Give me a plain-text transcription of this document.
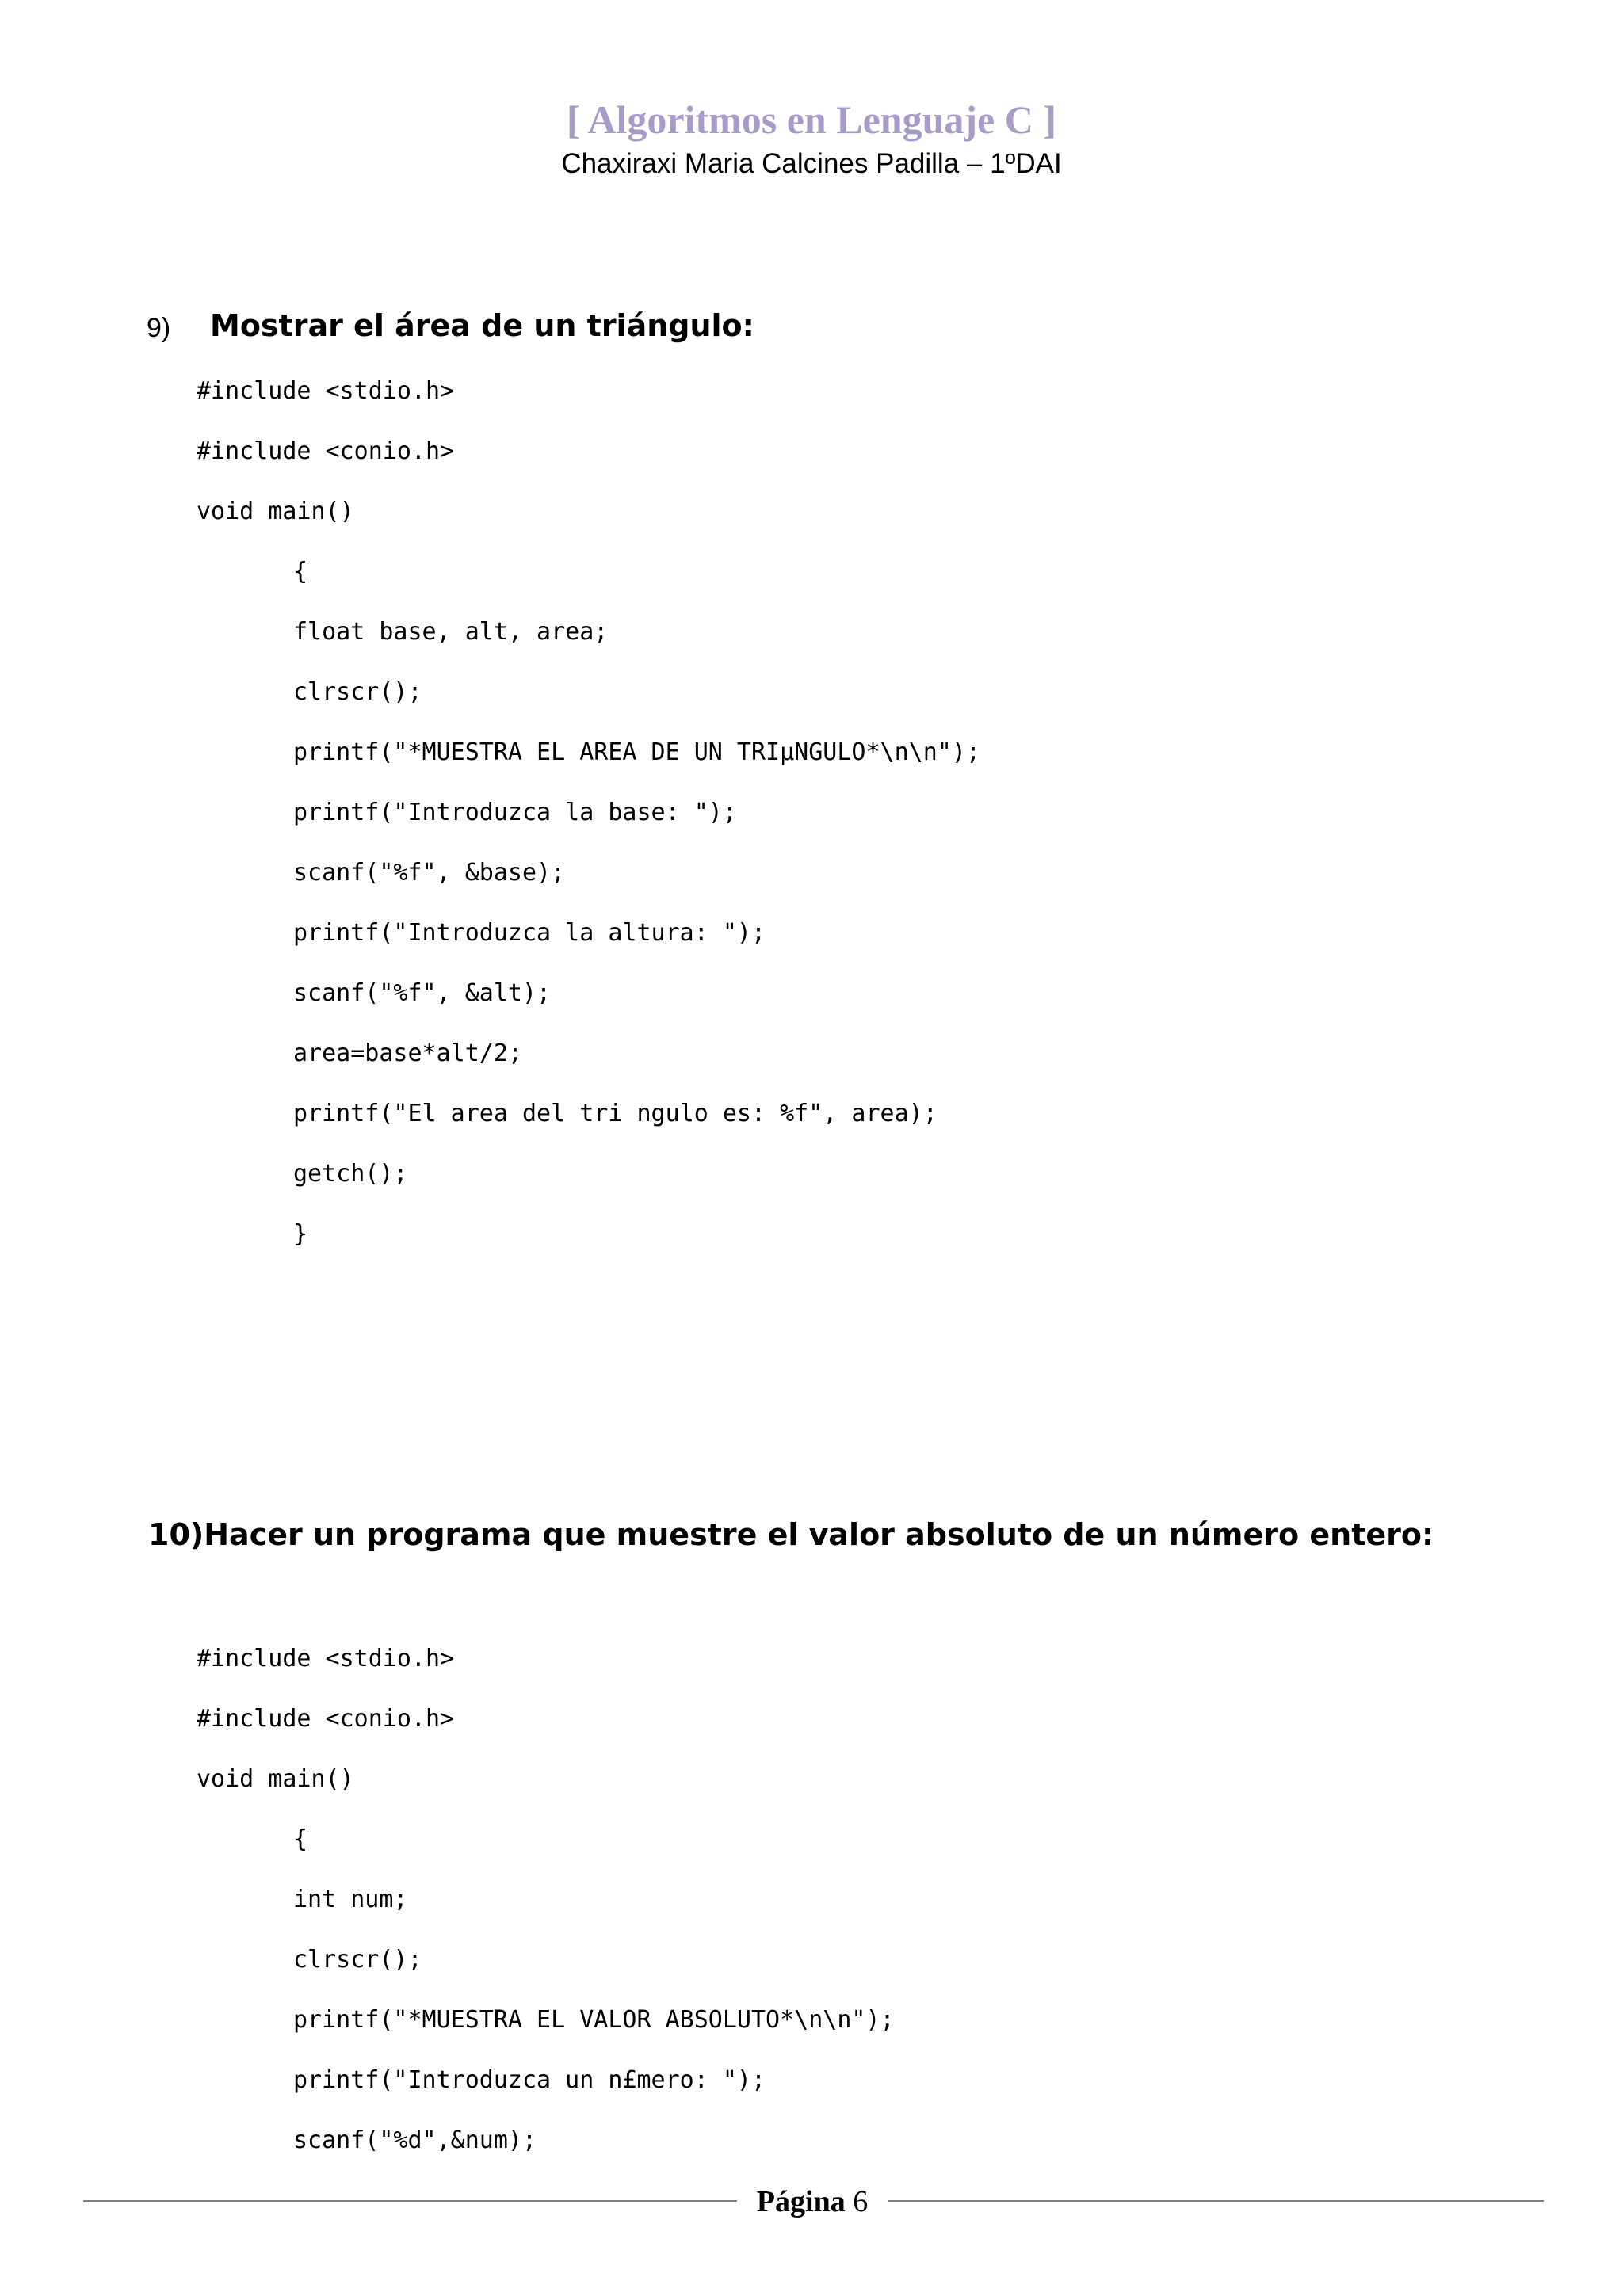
[ Algoritmos en Lenguaje C ]
Chaxiraxi Maria Calcines Padilla – 1ºDAI
9) Mostrar el área de un triángulo:
#include <stdio.h>
#include <conio.h>
void main()
{
float base, alt, area;
clrscr();
printf("*MUESTRA EL AREA DE UN TRIµNGULO*\n\n");
printf("Introduzca la base: ");
scanf("%f", &base);
printf("Introduzca la altura: ");
scanf("%f", &alt);
area=base*alt/2;
printf("El area del tri ngulo es: %f", area);
getch();
}
10)Hacer un programa que muestre el valor absoluto de un número entero:
#include <stdio.h>
#include <conio.h>
void main()
{
int num;
clrscr();
printf("*MUESTRA EL VALOR ABSOLUTO*\n\n");
printf("Introduzca un n£mero: ");
scanf("%d",&num);
Página 6
